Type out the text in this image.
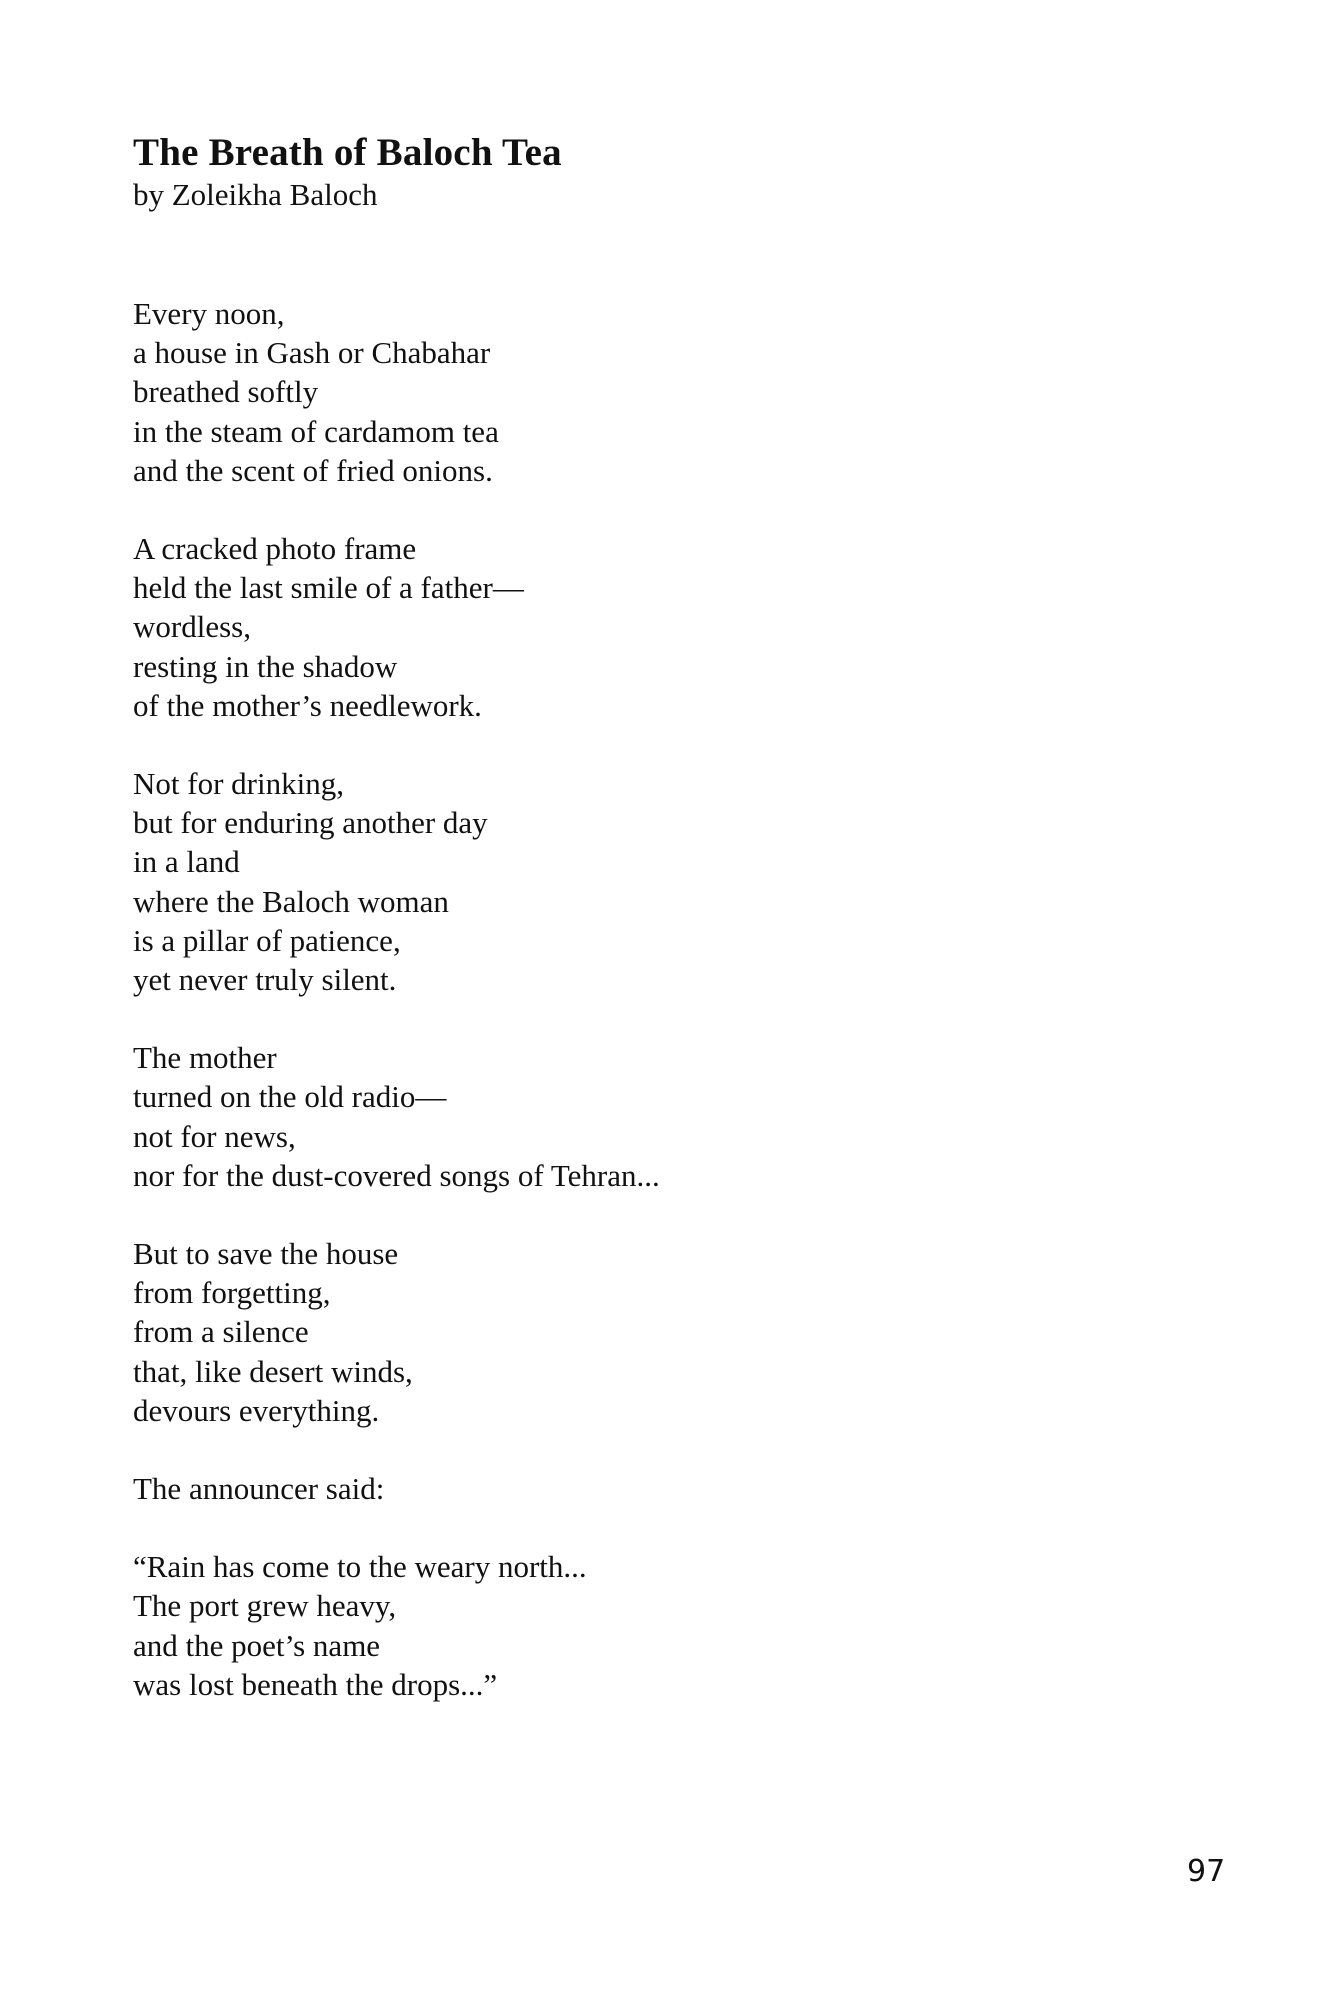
The Breath of Baloch Tea

by Zoleikha Baloch

Every noon,
a house in Gash or Chabahar
breathed softly
in the steam of cardamom tea
and the scent of fried onions.
A cracked photo frame
held the last smile of a father—
wordless,
resting in the shadow
of the mother’s needlework.
Not for drinking,
but for enduring another day
in a land
where the Baloch woman
is a pillar of patience,
yet never truly silent.
The mother
turned on the old radio—
not for news,
nor for the dust-covered songs of Tehran...
But to save the house
from forgetting,
from a silence
that, like desert winds,
devours everything.
The announcer said:
“Rain has come to the weary north...
The port grew heavy,
and the poet’s name
was lost beneath the drops...”
97
